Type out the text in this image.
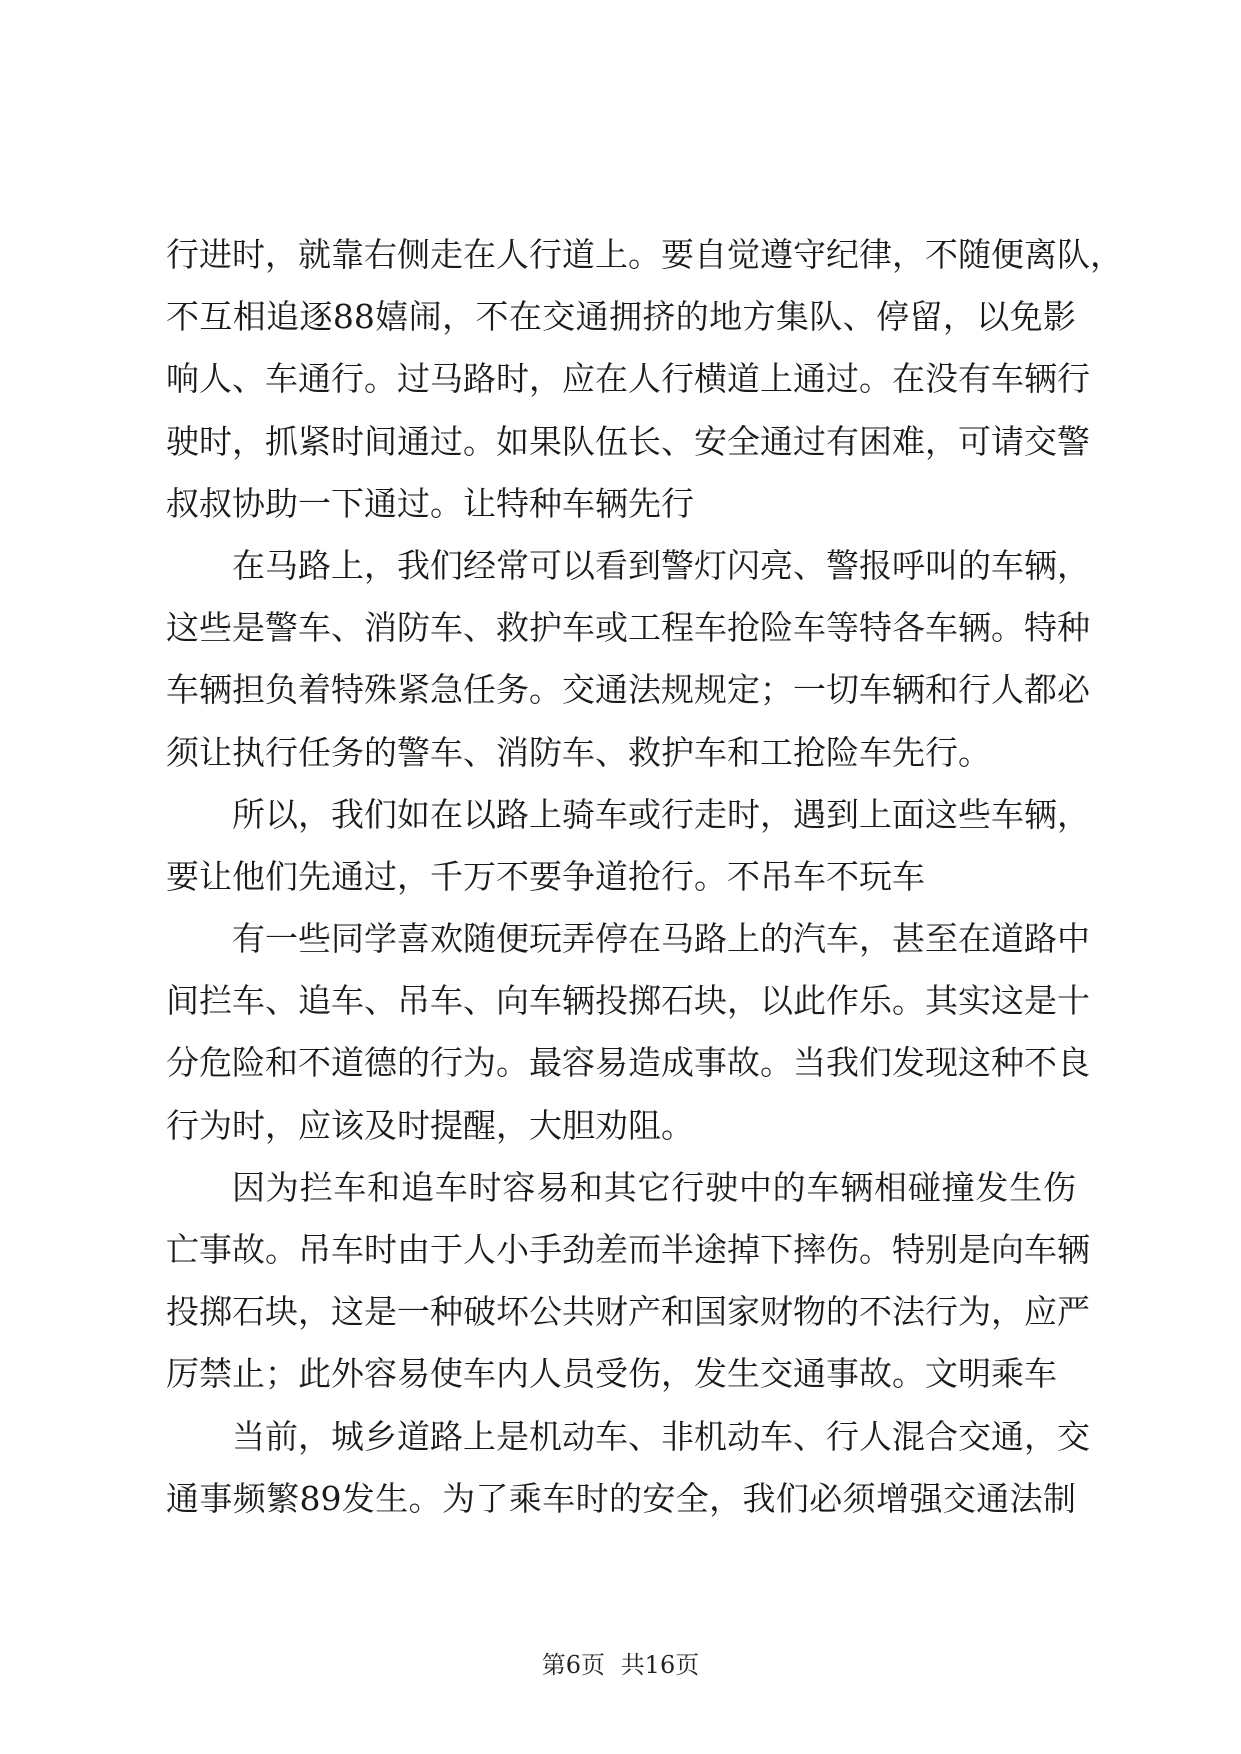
行进时，就靠右侧走在人行道上。要自觉遵守纪律，不随便离队，
不互相追逐88嬉闹，不在交通拥挤的地方集队、停留，以免影
响人、车通行。过马路时，应在人行横道上通过。在没有车辆行
驶时，抓紧时间通过。如果队伍长、安全通过有困难，可请交警
叔叔协助一下通过。让特种车辆先行
在马路上，我们经常可以看到警灯闪亮、警报呼叫的车辆，
这些是警车、消防车、救护车或工程车抢险车等特各车辆。特种
车辆担负着特殊紧急任务。交通法规规定；一切车辆和行人都必
须让执行任务的警车、消防车、救护车和工抢险车先行。
所以，我们如在以路上骑车或行走时，遇到上面这些车辆，
要让他们先通过，千万不要争道抢行。不吊车不玩车
有一些同学喜欢随便玩弄停在马路上的汽车，甚至在道路中
间拦车、追车、吊车、向车辆投掷石块，以此作乐。其实这是十
分危险和不道德的行为。最容易造成事故。当我们发现这种不良
行为时，应该及时提醒，大胆劝阻。
因为拦车和追车时容易和其它行驶中的车辆相碰撞发生伤
亡事故。吊车时由于人小手劲差而半途掉下摔伤。特别是向车辆
投掷石块，这是一种破坏公共财产和国家财物的不法行为，应严
厉禁止；此外容易使车内人员受伤，发生交通事故。文明乘车
当前，城乡道路上是机动车、非机动车、行人混合交通，交
通事频繁89发生。为了乘车时的安全，我们必须增强交通法制
第6页 共16页
